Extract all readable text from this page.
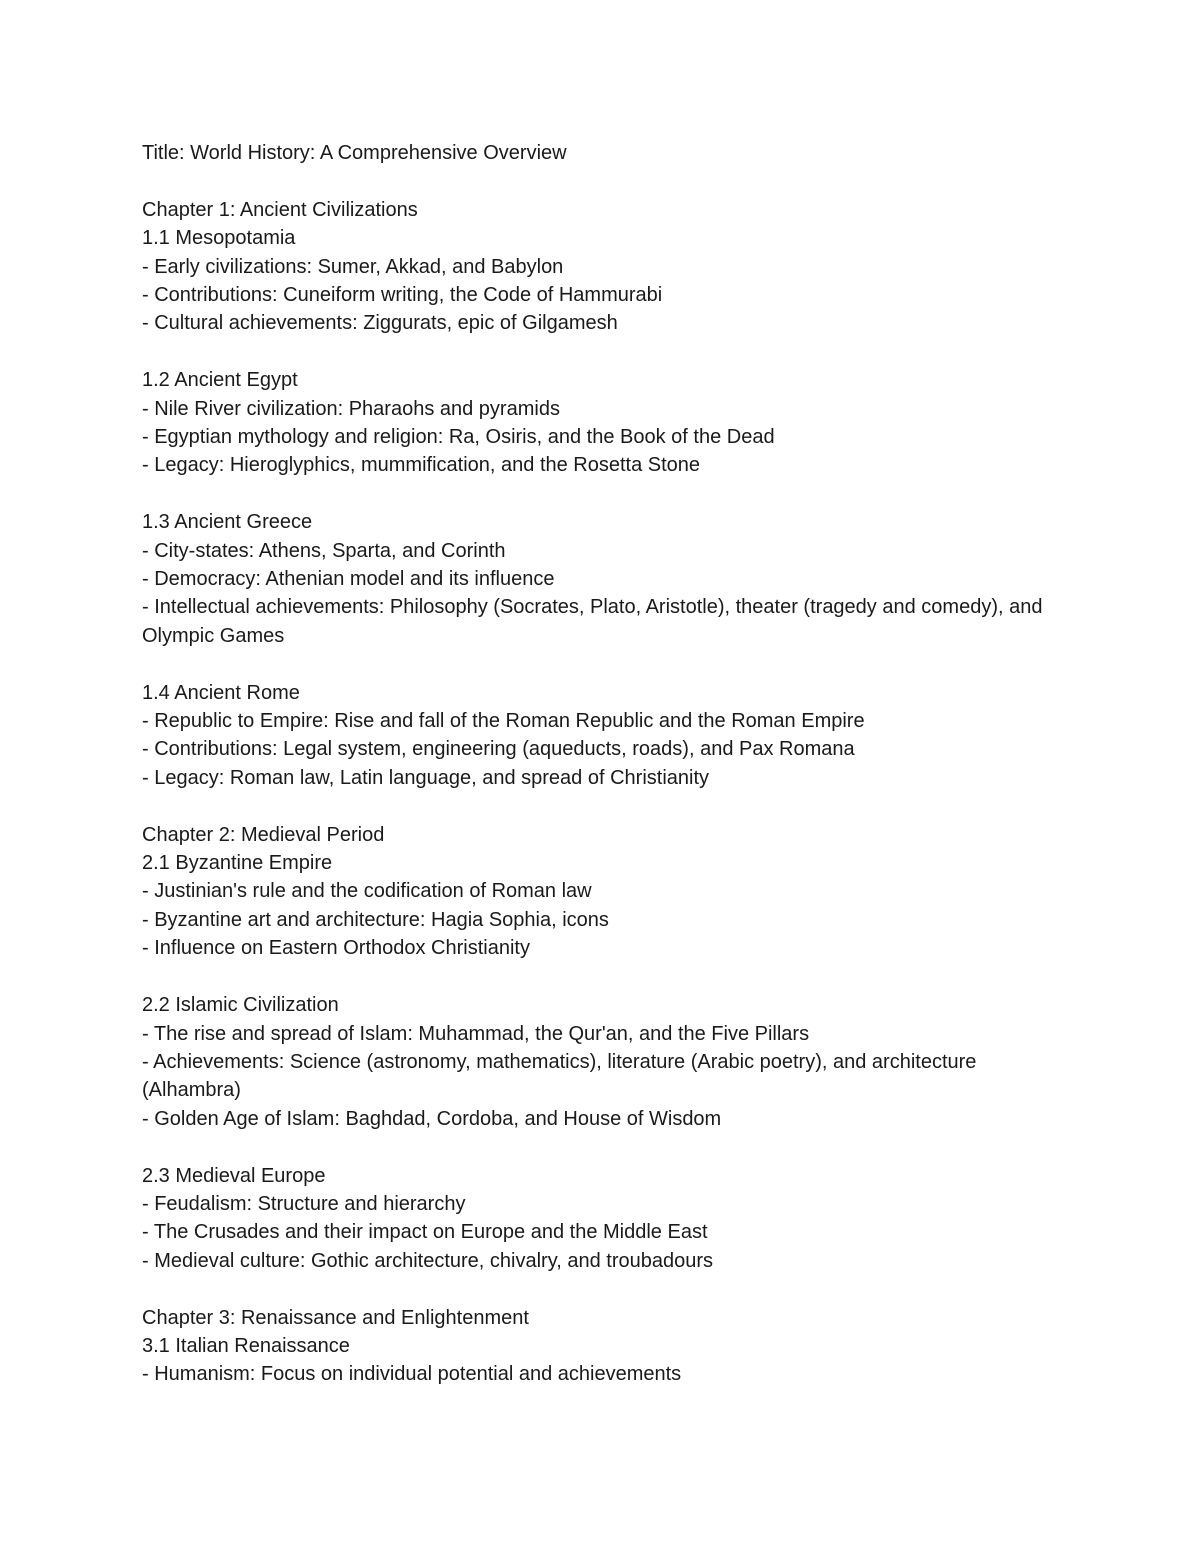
Title: World History: A Comprehensive Overview

Chapter 1: Ancient Civilizations

1.1 Mesopotamia

- Early civilizations: Sumer, Akkad, and Babylon

- Contributions: Cuneiform writing, the Code of Hammurabi

- Cultural achievements: Ziggurats, epic of Gilgamesh

1.2 Ancient Egypt

- Nile River civilization: Pharaohs and pyramids

- Egyptian mythology and religion: Ra, Osiris, and the Book of the Dead

- Legacy: Hieroglyphics, mummification, and the Rosetta Stone

1.3 Ancient Greece

- City-states: Athens, Sparta, and Corinth

- Democracy: Athenian model and its influence

- Intellectual achievements: Philosophy (Socrates, Plato, Aristotle), theater (tragedy and comedy), and Olympic Games

1.4 Ancient Rome

- Republic to Empire: Rise and fall of the Roman Republic and the Roman Empire

- Contributions: Legal system, engineering (aqueducts, roads), and Pax Romana

- Legacy: Roman law, Latin language, and spread of Christianity

Chapter 2: Medieval Period

2.1 Byzantine Empire

- Justinian's rule and the codification of Roman law

- Byzantine art and architecture: Hagia Sophia, icons

- Influence on Eastern Orthodox Christianity

2.2 Islamic Civilization

- The rise and spread of Islam: Muhammad, the Qur'an, and the Five Pillars

- Achievements: Science (astronomy, mathematics), literature (Arabic poetry), and architecture (Alhambra)

- Golden Age of Islam: Baghdad, Cordoba, and House of Wisdom

2.3 Medieval Europe

- Feudalism: Structure and hierarchy

- The Crusades and their impact on Europe and the Middle East

- Medieval culture: Gothic architecture, chivalry, and troubadours

Chapter 3: Renaissance and Enlightenment

3.1 Italian Renaissance

- Humanism: Focus on individual potential and achievements
